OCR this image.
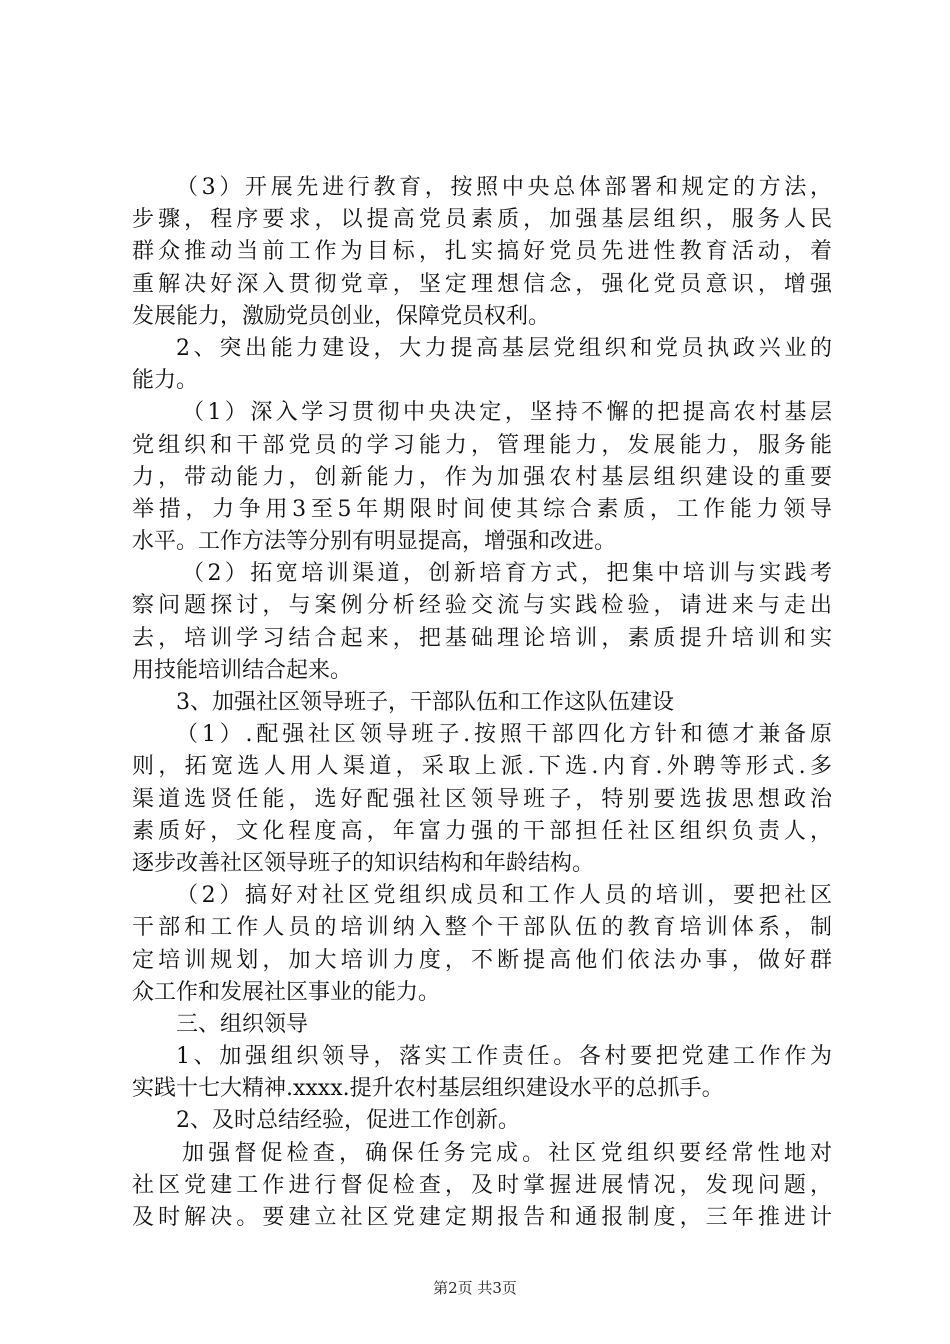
（3）开展先进行教育，按照中央总体部署和规定的方法，
步骤，程序要求，以提高党员素质，加强基层组织，服务人民
群众推动当前工作为目标，扎实搞好党员先进性教育活动，着
重解决好深入贯彻党章，坚定理想信念，强化党员意识，增强
发展能力，激励党员创业，保障党员权利。
2、突出能力建设，大力提高基层党组织和党员执政兴业的
能力。
（1）深入学习贯彻中央决定，坚持不懈的把提高农村基层
党组织和干部党员的学习能力，管理能力，发展能力，服务能
力，带动能力，创新能力，作为加强农村基层组织建设的重要
举措，力争用3至5年期限时间使其综合素质，工作能力领导
水平。工作方法等分别有明显提高，增强和改进。
（2）拓宽培训渠道，创新培育方式，把集中培训与实践考
察问题探讨，与案例分析经验交流与实践检验，请进来与走出
去，培训学习结合起来，把基础理论培训，素质提升培训和实
用技能培训结合起来。
3、加强社区领导班子，干部队伍和工作这队伍建设
（1）.配强社区领导班子.按照干部四化方针和德才兼备原
则，拓宽选人用人渠道，采取上派.下选.内育.外聘等形式.多
渠道选贤任能，选好配强社区领导班子，特别要选拔思想政治
素质好，文化程度高，年富力强的干部担任社区组织负责人，
逐步改善社区领导班子的知识结构和年龄结构。
（2）搞好对社区党组织成员和工作人员的培训，要把社区
干部和工作人员的培训纳入整个干部队伍的教育培训体系，制
定培训规划，加大培训力度，不断提高他们依法办事，做好群
众工作和发展社区事业的能力。
三、组织领导
1、加强组织领导，落实工作责任。各村要把党建工作作为
实践十七大精神.xxxx.提升农村基层组织建设水平的总抓手。
2、及时总结经验，促进工作创新。
加强督促检查，确保任务完成。社区党组织要经常性地对
社区党建工作进行督促检查，及时掌握进展情况，发现问题，
及时解决。要建立社区党建定期报告和通报制度，三年推进计
第2页 共3页
